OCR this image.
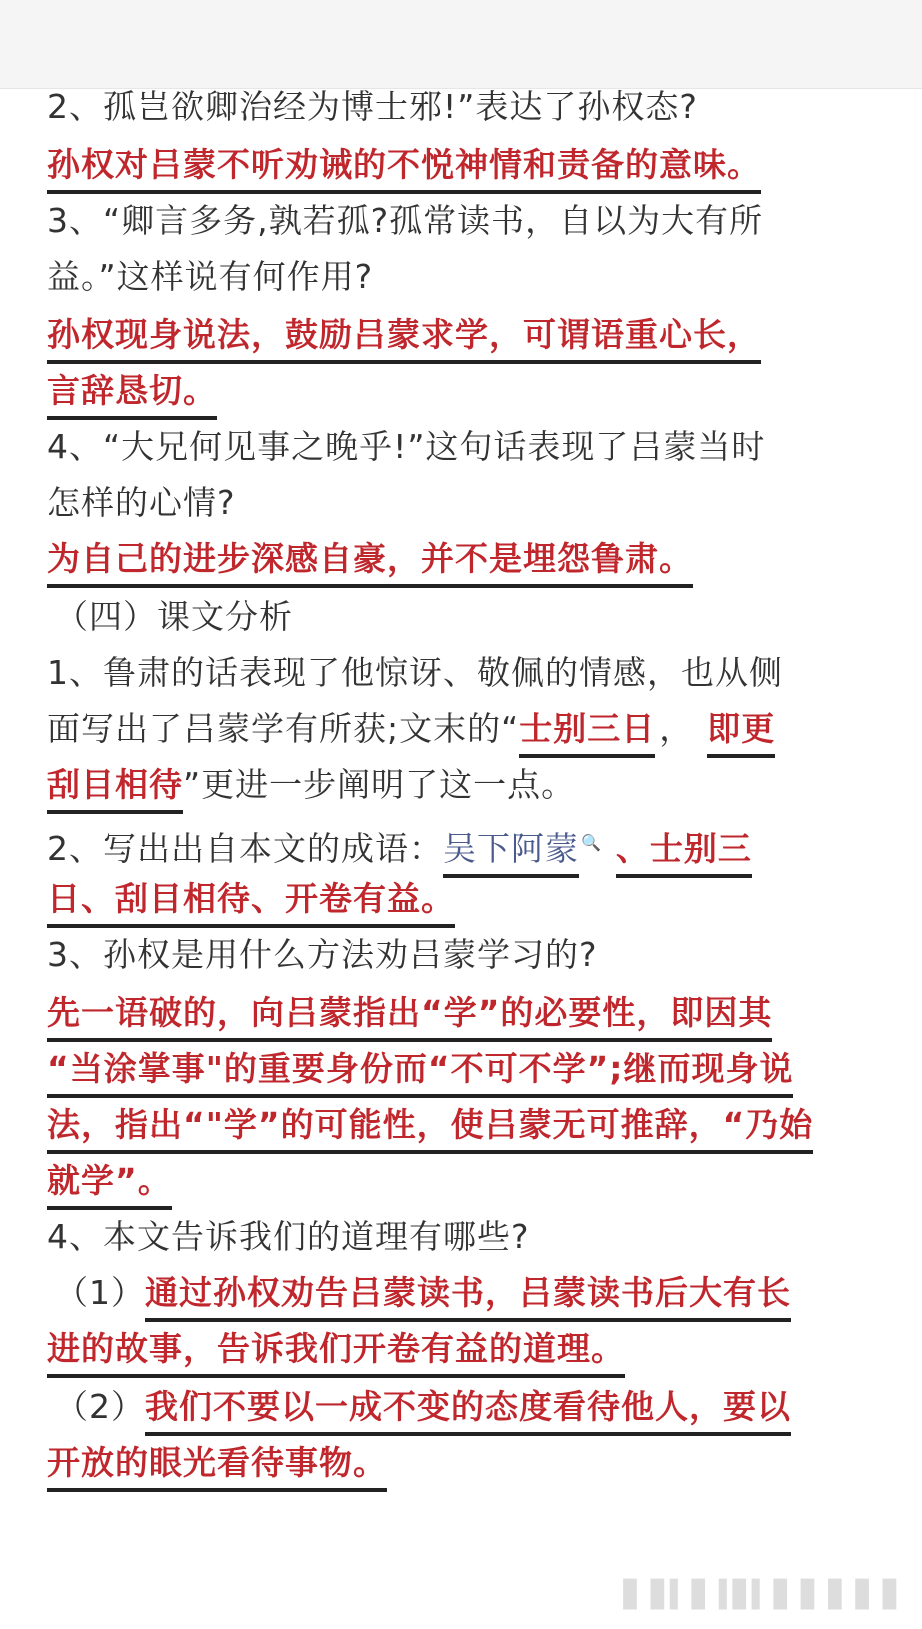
2、孤岂欲卿治经为博士邪!”表达了孙权态?
孙权对吕蒙不听劝诫的不悦神情和责备的意味。
3、“卿言多务,孰若孤?孤常读书，自以为大有所
益。”这样说有何作用?
孙权现身说法，鼓励吕蒙求学，可谓语重心长，
言辞恳切。
4、“大兄何见事之晚乎!”这句话表现了吕蒙当时
怎样的心情?
为自己的进步深感自豪，并不是埋怨鲁肃。
（四）课文分析
1、鲁肃的话表现了他惊讶、敬佩的情感，也从侧
面写出了吕蒙学有所获;文末的“士别三日 ， 即更
刮目相待”更进一步阐明了这一点。
2、写出出自本文的成语：吴下阿蒙 🔍 、士别三
日、刮目相待、开卷有益。
3、孙权是用什么方法劝吕蒙学习的?
先一语破的，向吕蒙指出“学”的必要性，即因其
“当涂掌事"的重要身份而“不可不学”;继而现身说
法，指出“"学”的可能性，使吕蒙无可推辞，“乃始
就学”。
4、本文告诉我们的道理有哪些?
（1）通过孙权劝告吕蒙读书，吕蒙读书后大有长
进的故事，告诉我们开卷有益的道理。
（2）我们不要以一成不变的态度看待他人，要以
开放的眼光看待事物。
▐▌▐▌▌▐▌▐▐▌▌▐▌▐▌▐▌▐▌▐▌
